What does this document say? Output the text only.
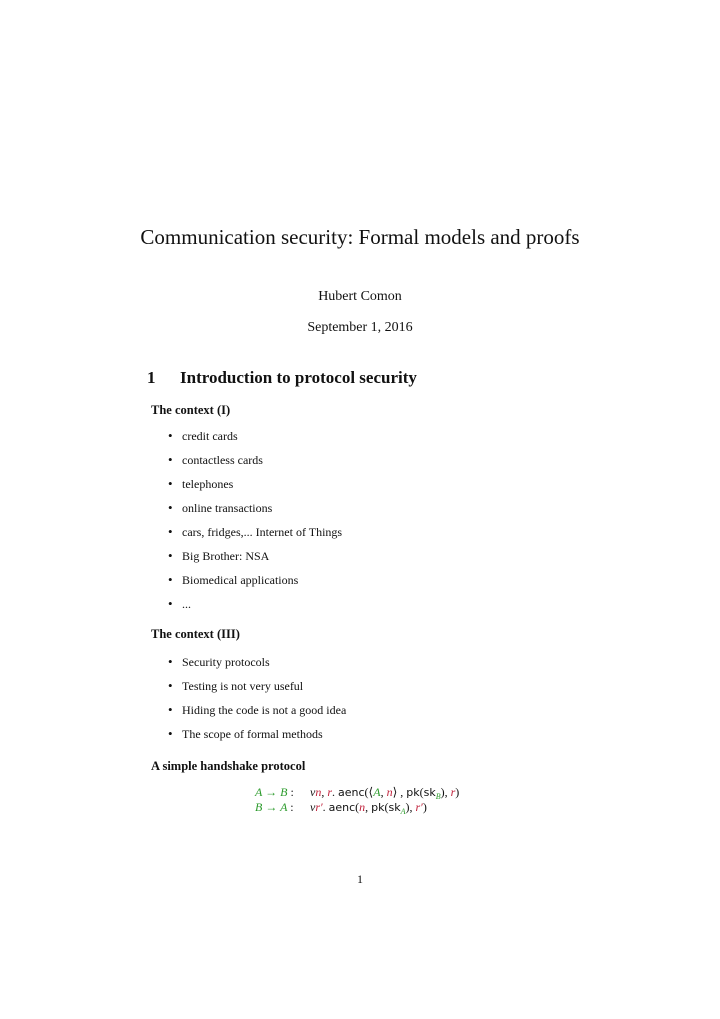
Communication security: Formal models and proofs
Hubert Comon
September 1, 2016
1 Introduction to protocol security
The context (I)
• credit cards
• contactless cards
• telephones
• online transactions
• cars, fridges,... Internet of Things
• Big Brother: NSA
• Biomedical applications
• ...
The context (III)
• Security protocols
• Testing is not very useful
• Hiding the code is not a good idea
• The scope of formal methods
A simple handshake protocol
A → B : νn, r. aenc(⟨A, n⟩ , $pk(sk_B)$, r)
B → A : νr′. aenc(n, $pk(sk_A)$, r′)
1
